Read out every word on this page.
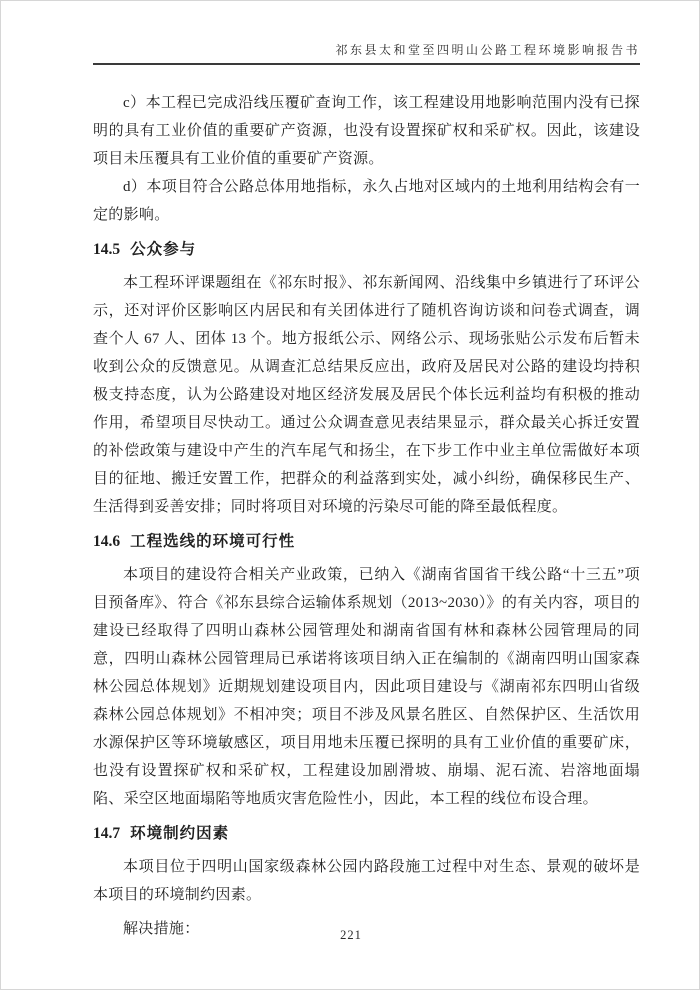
祁东县太和堂至四明山公路工程环境影响报告书

c）本工程已完成沿线压覆矿查询工作，该工程建设用地影响范围内没有已探明的具有工业价值的重要矿产资源，也没有设置探矿权和采矿权。因此，该建设项目未压覆具有工业价值的重要矿产资源。

d）本项目符合公路总体用地指标，永久占地对区域内的土地利用结构会有一定的影响。

14.5 公众参与

本工程环评课题组在《祁东时报》、祁东新闻网、沿线集中乡镇进行了环评公示，还对评价区影响区内居民和有关团体进行了随机咨询访谈和问卷式调查，调查个人 67 人、团体 13 个。地方报纸公示、网络公示、现场张贴公示发布后暂未收到公众的反馈意见。从调查汇总结果反应出，政府及居民对公路的建设均持积极支持态度，认为公路建设对地区经济发展及居民个体长远利益均有积极的推动作用，希望项目尽快动工。通过公众调查意见表结果显示，群众最关心拆迁安置的补偿政策与建设中产生的汽车尾气和扬尘，在下步工作中业主单位需做好本项目的征地、搬迁安置工作，把群众的利益落到实处，减小纠纷，确保移民生产、生活得到妥善安排；同时将项目对环境的污染尽可能的降至最低程度。

14.6 工程选线的环境可行性

本项目的建设符合相关产业政策，已纳入《湖南省国省干线公路“十三五”项目预备库》、符合《祁东县综合运输体系规划（2013~2030）》的有关内容，项目的建设已经取得了四明山森林公园管理处和湖南省国有林和森林公园管理局的同意，四明山森林公园管理局已承诺将该项目纳入正在编制的《湖南四明山国家森林公园总体规划》近期规划建设项目内，因此项目建设与《湖南祁东四明山省级森林公园总体规划》不相冲突；项目不涉及风景名胜区、自然保护区、生活饮用水源保护区等环境敏感区，项目用地未压覆已探明的具有工业价值的重要矿床，也没有设置探矿权和采矿权，工程建设加剧滑坡、崩塌、泥石流、岩溶地面塌陷、采空区地面塌陷等地质灾害危险性小，因此，本工程的线位布设合理。

14.7 环境制约因素

本项目位于四明山国家级森林公园内路段施工过程中对生态、景观的破坏是本项目的环境制约因素。

解决措施：	221
